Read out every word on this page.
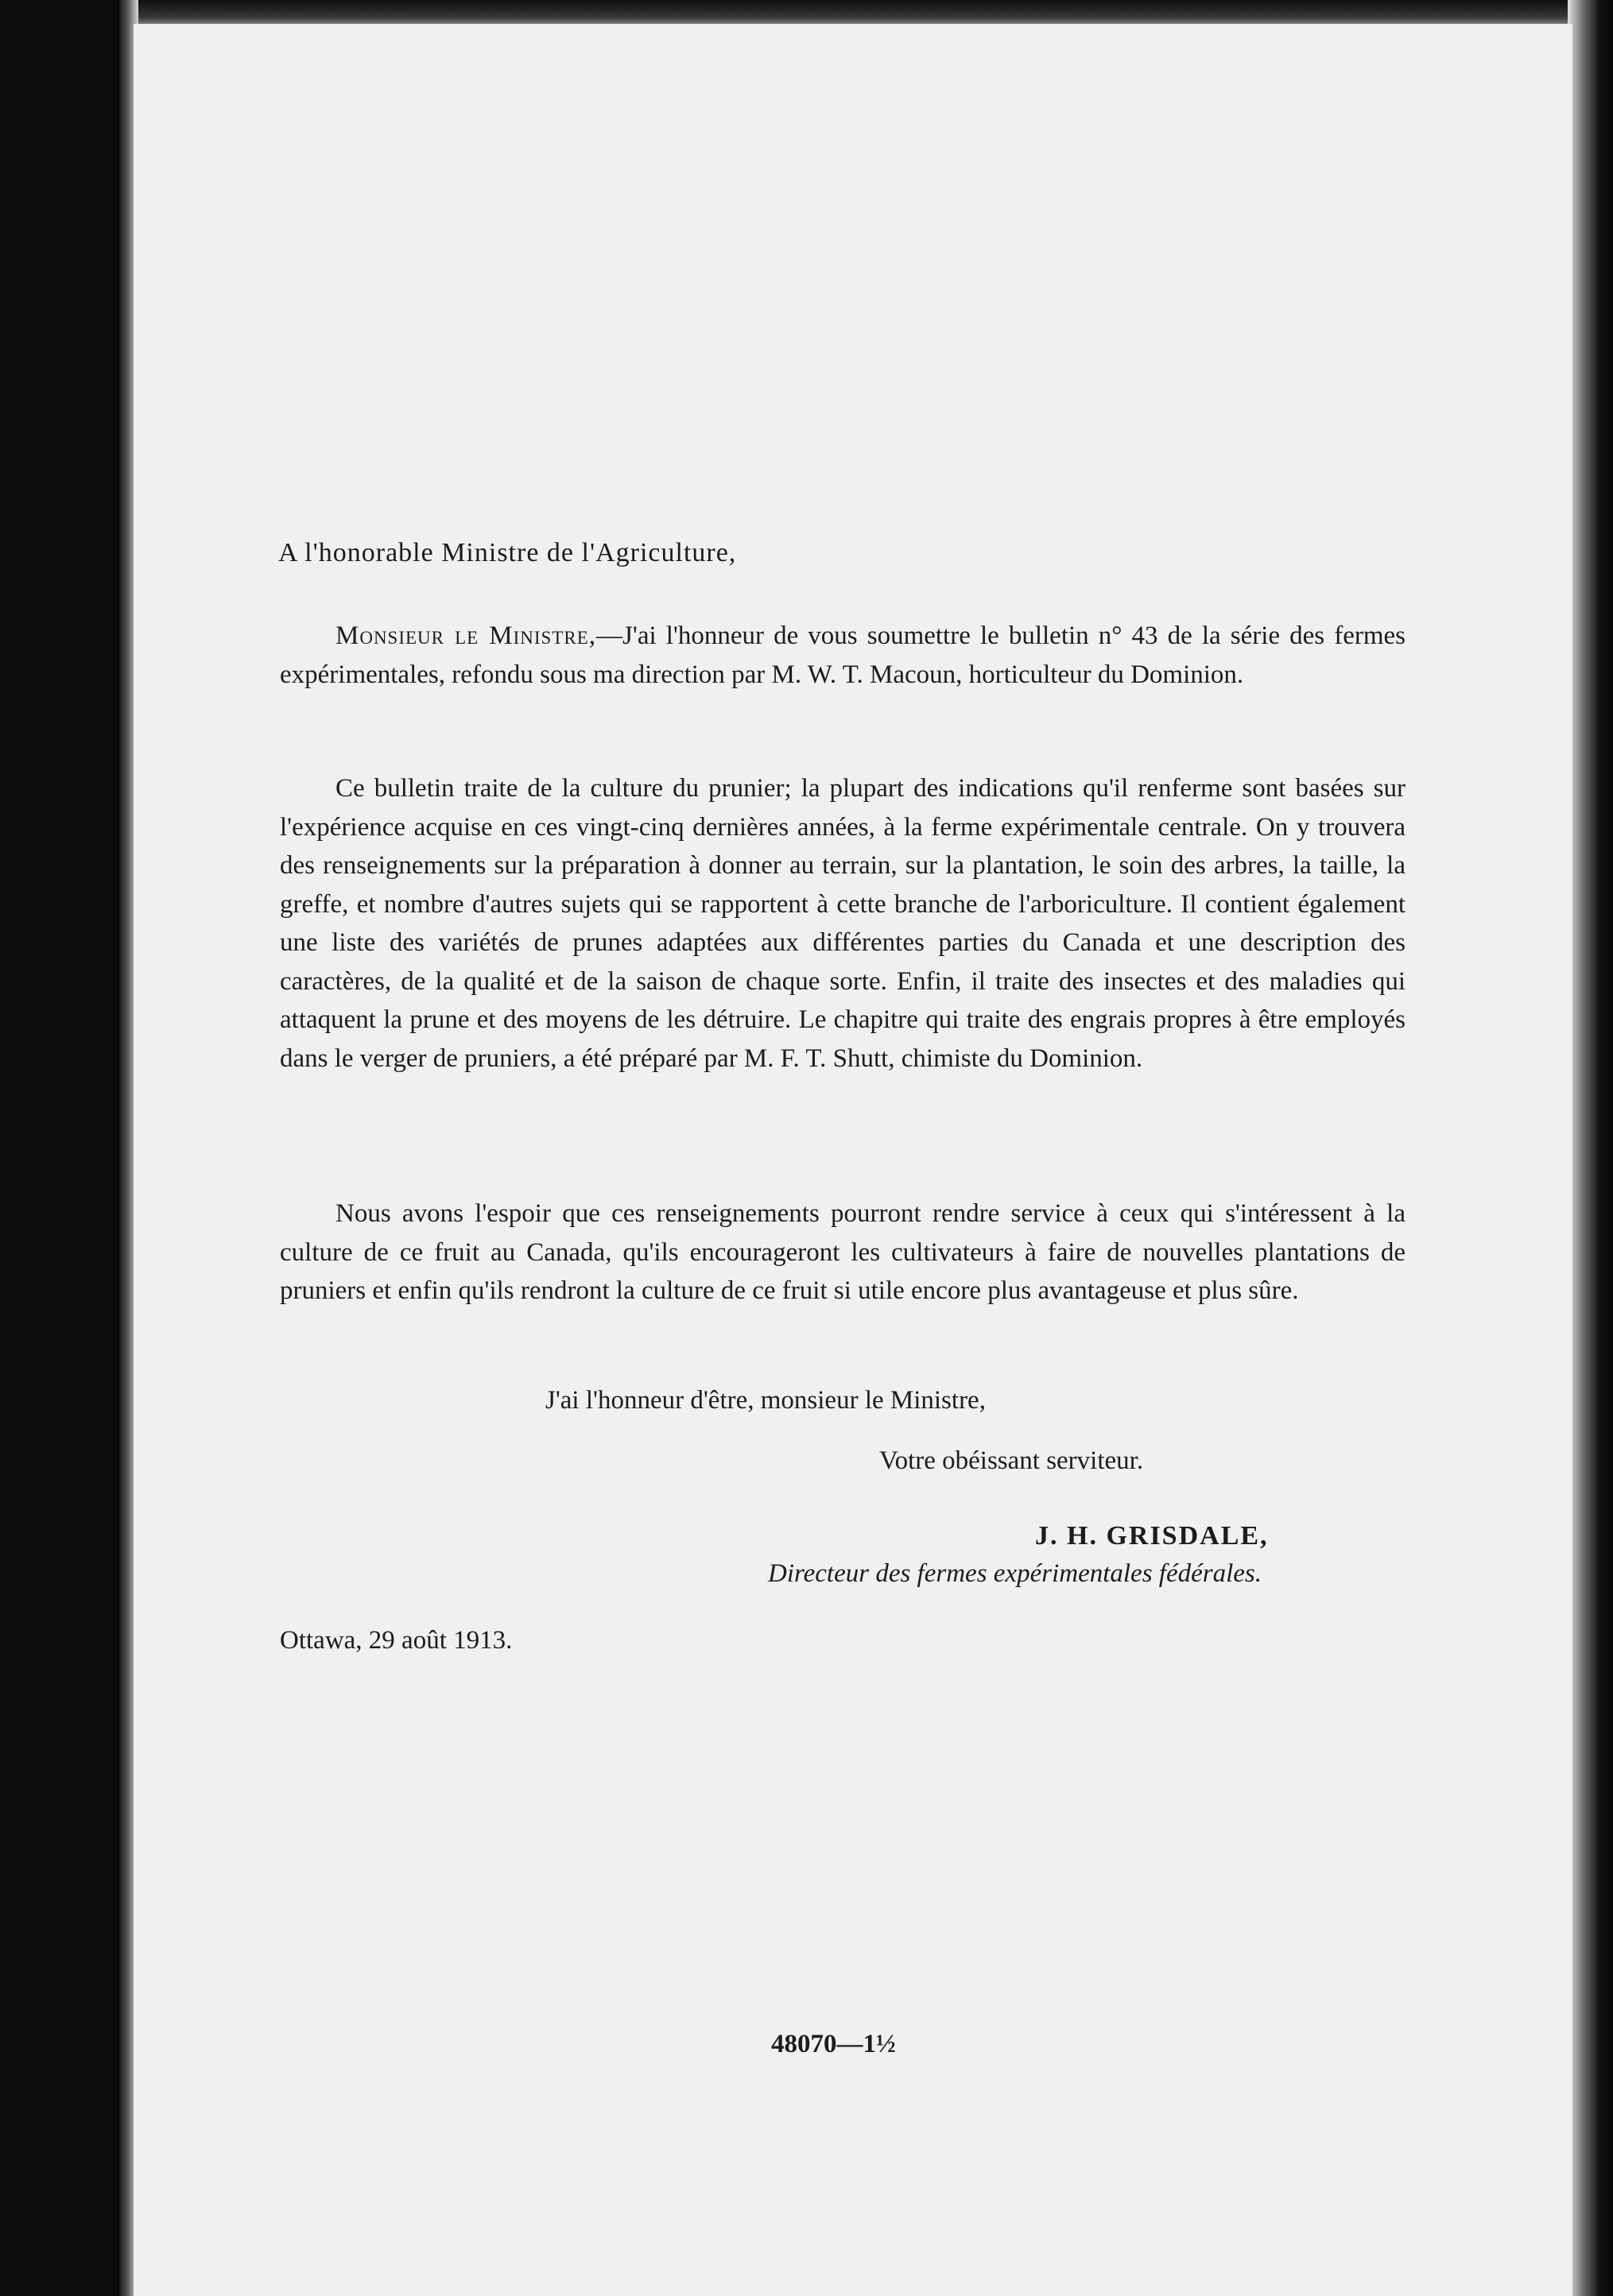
A l'honorable Ministre de l'Agriculture,
Monsieur le Ministre,—J'ai l'honneur de vous soumettre le bulletin n° 43 de la série des fermes expérimentales, refondu sous ma direction par M. W. T. Macoun, horticulteur du Dominion.
Ce bulletin traite de la culture du prunier; la plupart des indications qu'il renferme sont basées sur l'expérience acquise en ces vingt-cinq dernières années, à la ferme expérimentale centrale. On y trouvera des renseignements sur la préparation à donner au terrain, sur la plantation, le soin des arbres, la taille, la greffe, et nombre d'autres sujets qui se rapportent à cette branche de l'arboriculture. Il contient également une liste des variétés de prunes adaptées aux différentes parties du Canada et une description des caractères, de la qualité et de la saison de chaque sorte. Enfin, il traite des insectes et des maladies qui attaquent la prune et des moyens de les détruire. Le chapitre qui traite des engrais propres à être employés dans le verger de pruniers, a été préparé par M. F. T. Shutt, chimiste du Dominion.
Nous avons l'espoir que ces renseignements pourront rendre service à ceux qui s'intéressent à la culture de ce fruit au Canada, qu'ils encourageront les cultivateurs à faire de nouvelles plantations de pruniers et enfin qu'ils rendront la culture de ce fruit si utile encore plus avantageuse et plus sûre.
J'ai l'honneur d'être, monsieur le Ministre,
Votre obéissant serviteur.
J. H. GRISDALE,
Directeur des fermes expérimentales fédérales.
Ottawa, 29 août 1913.
48070—1½
